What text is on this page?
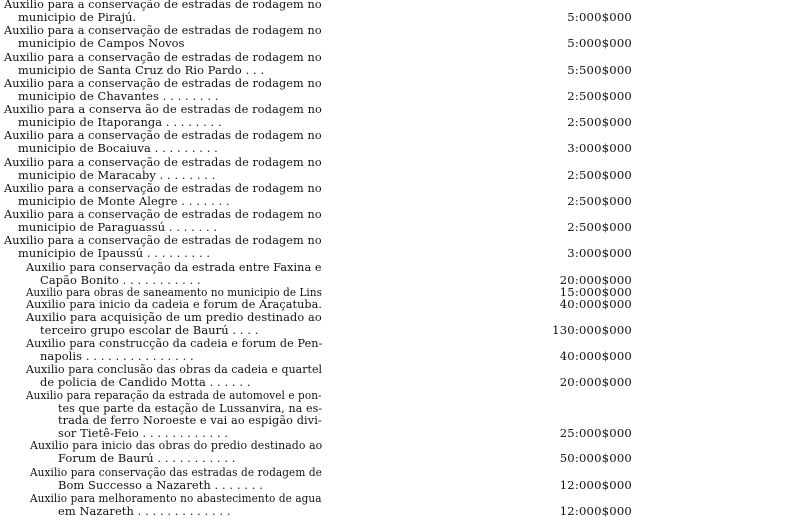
Auxilio para a conservação de estradas de rodagem no
municipio de Pirajú.	5:000$000
Auxilio para a conservação de estradas de rodagem no
municipio de Campos Novos	5:000$000
Auxilio para a conservação de estradas de rodagem no
municipio de Santa Cruz do Rio Pardo . . .	5:500$000
Auxilio para a conservação de estradas de rodagem no
municipio de Chavantes . . . . . . . .	2:500$000
Auxilio para a conserva ão de estradas de rodagem no
municipio de Itaporanga . . . . . . . .	2:500$000
Auxilio para a conservação de estradas de rodagem no
municipio de Bocaiuva . . . . . . . . .	3:000$000
Auxilio para a conservação de estradas de rodagem no
municipio de Maracaby . . . . . . . .	2:500$000
Auxilio para a conservação de estradas de rodagem no
municipio de Monte Alegre . . . . . . .	2:500$000
Auxilio para a conservação de estradas de rodagem no
municipio de Paraguassú . . . . . . .	2:500$000
Auxilio para a conservação de estradas de rodagem no
municipio de Ipaussú . . . . . . . . .	3:000$000
Auxilio para conservação da estrada entre Faxina e
Capão Bonito . . . . . . . . . . .	20:000$000
Auxilio para obras de saneamento no municipio de Lins	15:000$000
Auxilio para inicio da cadeia e forum de Araçatuba.	40:000$000
Auxilio para acquisição de um predio destinado ao
terceiro grupo escolar de Baurú . . . .	130:000$000
Auxilio para construcção da cadeia e forum de Pen-
napolis . . . . . . . . . . . . . . .	40:000$000
Auxilio para conclusão das obras da cadeia e quartel
de policia de Candido Motta . . . . . .	20:000$000
Auxilio para reparação da estrada de automovel e pon-
tes que parte da estação de Lussanvira, na es-
trada de ferro Noroeste e vai ao espigão divi-
sor Tietê-Feio . . . . . . . . . . . .	25:000$000
Auxilio para inicio das obras do predio destinado ao
Forum de Baurú . . . . . . . . . . .	50:000$000
Auxilio para conservação das estradas de rodagem de
Bom Successo a Nazareth . . . . . . .	12:000$000
Auxilio para melhoramento no abastecimento de agua
em Nazareth . . . . . . . . . . . . .	12:000$000
